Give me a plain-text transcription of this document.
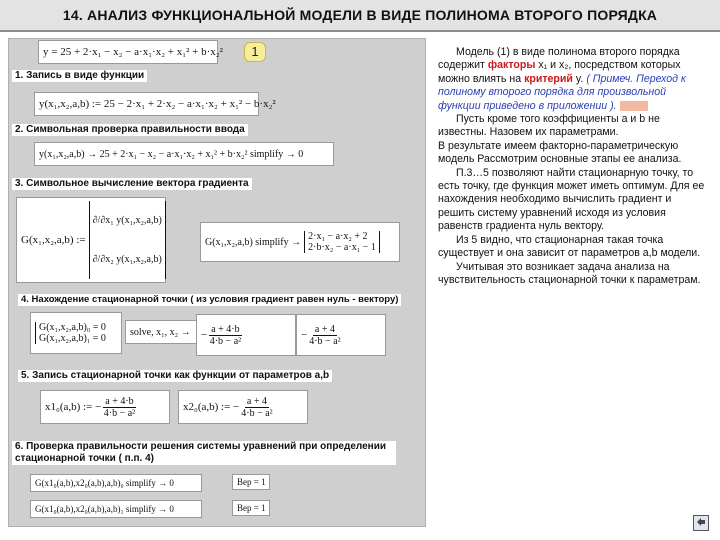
14. АНАЛИЗ ФУНКЦИОНАЛЬНОЙ МОДЕЛИ В ВИДЕ ПОЛИНОМА ВТОРОГО ПОРЯДКА
y = 25 + 2·x₁ − x₂ − a·x₁·x₂ + x₁² + b·x₂²	1
1. Запись в виде функции
y(x₁,x₂,a,b) := 25 − 2·x₁ + 2·x₂ − a·x₁·x₂ + x₁² − b·x₂²
2. Символьная проверка правильности ввода
y(x₁,x₂,a,b) → 25 + 2·x₁ − x₂ − a·x₁·x₂ + x₁² + b·x₂² simplify → 0
3. Символьное вычисление вектора градиента
G(x₁,x₂,a,b) :=
∂/∂x₁ y(x₁,x₂,a,b)
∂/∂x₂ y(x₁,x₂,a,b)
G(x₁,x₂,a,b) simplify → 2·x₁ − a·x₂ + 2
2·b·x₂ − a·x₁ − 1
4. Нахождение стационарной точки ( из условия градиент равен нуль - вектору)
G(x₁,x₂,a,b)₀ = 0
G(x₁,x₂,a,b)₁ = 0
solve, x₁, x₂ → − $\frac{a + 4\cdot b}{\text{4·b − a²}}$	− $\frac{a + 4}{\text{4·b − a²}}$
5. Запись стационарной точки как функции от параметров a,b
x1₀(a,b) := − $\frac{a + 4\cdot b}{\text{4·b − a²}}$	x2₀(a,b) := − $\frac{a + 4}{\text{4·b − a²}}$
6. Проверка правильности решения системы уравнений при определении стационарной точки ( п.п. 4)
G(x1₀(a,b),x2₀(a,b),a,b)₀ simplify → 0	Вер = 1
G(x1₀(a,b),x2₀(a,b),a,b)₁ simplify → 0	Вер = 1

Модель (1) в виде полинома второго порядка содержит факторы x₁ и x₂, посредством которых можно влиять на критерий y. ( Примеч. Переход к полиному второго порядка для произвольной функции приведено в приложении ).

Пусть кроме того коэффициенты a и b не известны. Назовем их параметрами.

В результате имеем факторно-параметрическую модель Рассмотрим основные этапы ее анализа.

П.3…5 позволяют найти стационарную точку, то есть точку, где функция может иметь оптимум. Для ее нахождения необходимо вычислить градиент и решить систему уравнений исходя из условия равенств градиента нуль вектору.

Из 5 видно, что стационарная такая точка существует и она зависит от параметров a,b модели.

Учитывая это возникает задача анализа на чувствительность стационарной точки к параметрам.
